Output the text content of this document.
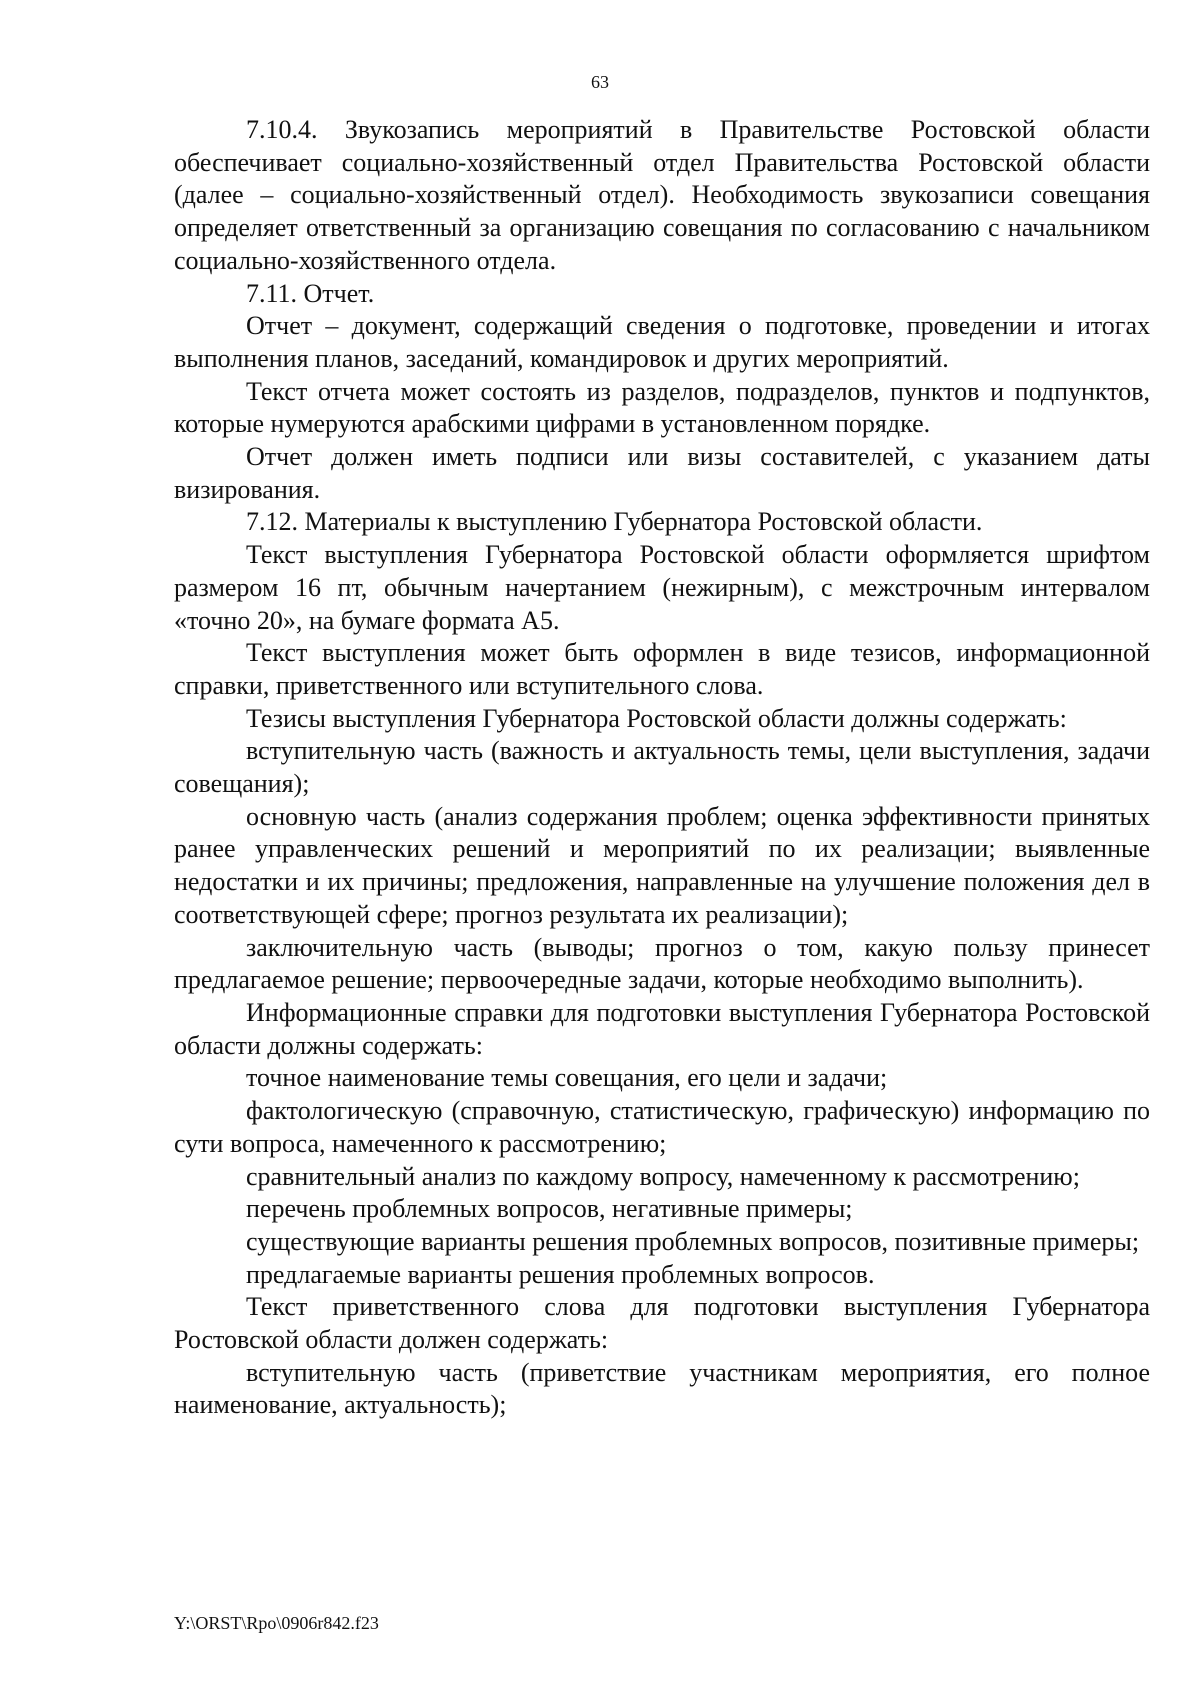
63

7.10.4. Звукозапись мероприятий в Правительстве Ростовской области обеспечивает социально-хозяйственный отдел Правительства Ростовской области (далее – социально-хозяйственный отдел). Необходимость звукозаписи совещания определяет ответственный за организацию совещания по согласованию с начальником социально-хозяйственного отдела.

7.11. Отчет.

Отчет – документ, содержащий сведения о подготовке, проведении и итогах выполнения планов, заседаний, командировок и других мероприятий.

Текст отчета может состоять из разделов, подразделов, пунктов и подпунктов, которые нумеруются арабскими цифрами в установленном порядке.

Отчет должен иметь подписи или визы составителей, с указанием даты визирования.

7.12. Материалы к выступлению Губернатора Ростовской области.

Текст выступления Губернатора Ростовской области оформляется шрифтом размером 16 пт, обычным начертанием (нежирным), с межстрочным интервалом «точно 20», на бумаге формата А5.

Текст выступления может быть оформлен в виде тезисов, информационной справки, приветственного или вступительного слова.

Тезисы выступления Губернатора Ростовской области должны содержать:

вступительную часть (важность и актуальность темы, цели выступления, задачи совещания);

основную часть (анализ содержания проблем; оценка эффективности принятых ранее управленческих решений и мероприятий по их реализации; выявленные недостатки и их причины; предложения, направленные на улучшение положения дел в соответствующей сфере; прогноз результата их реализации);

заключительную часть (выводы; прогноз о том, какую пользу принесет предлагаемое решение; первоочередные задачи, которые необходимо выполнить).

Информационные справки для подготовки выступления Губернатора Ростовской области должны содержать:

точное наименование темы совещания, его цели и задачи;

фактологическую (справочную, статистическую, графическую) информацию по сути вопроса, намеченного к рассмотрению;

сравнительный анализ по каждому вопросу, намеченному к рассмотрению;

перечень проблемных вопросов, негативные примеры;

существующие варианты решения проблемных вопросов, позитивные примеры;

предлагаемые варианты решения проблемных вопросов.

Текст приветственного слова для подготовки выступления Губернатора Ростовской области должен содержать:

вступительную часть (приветствие участникам мероприятия, его полное наименование, актуальность);

Y:\ORST\Rpo\0906r842.f23
